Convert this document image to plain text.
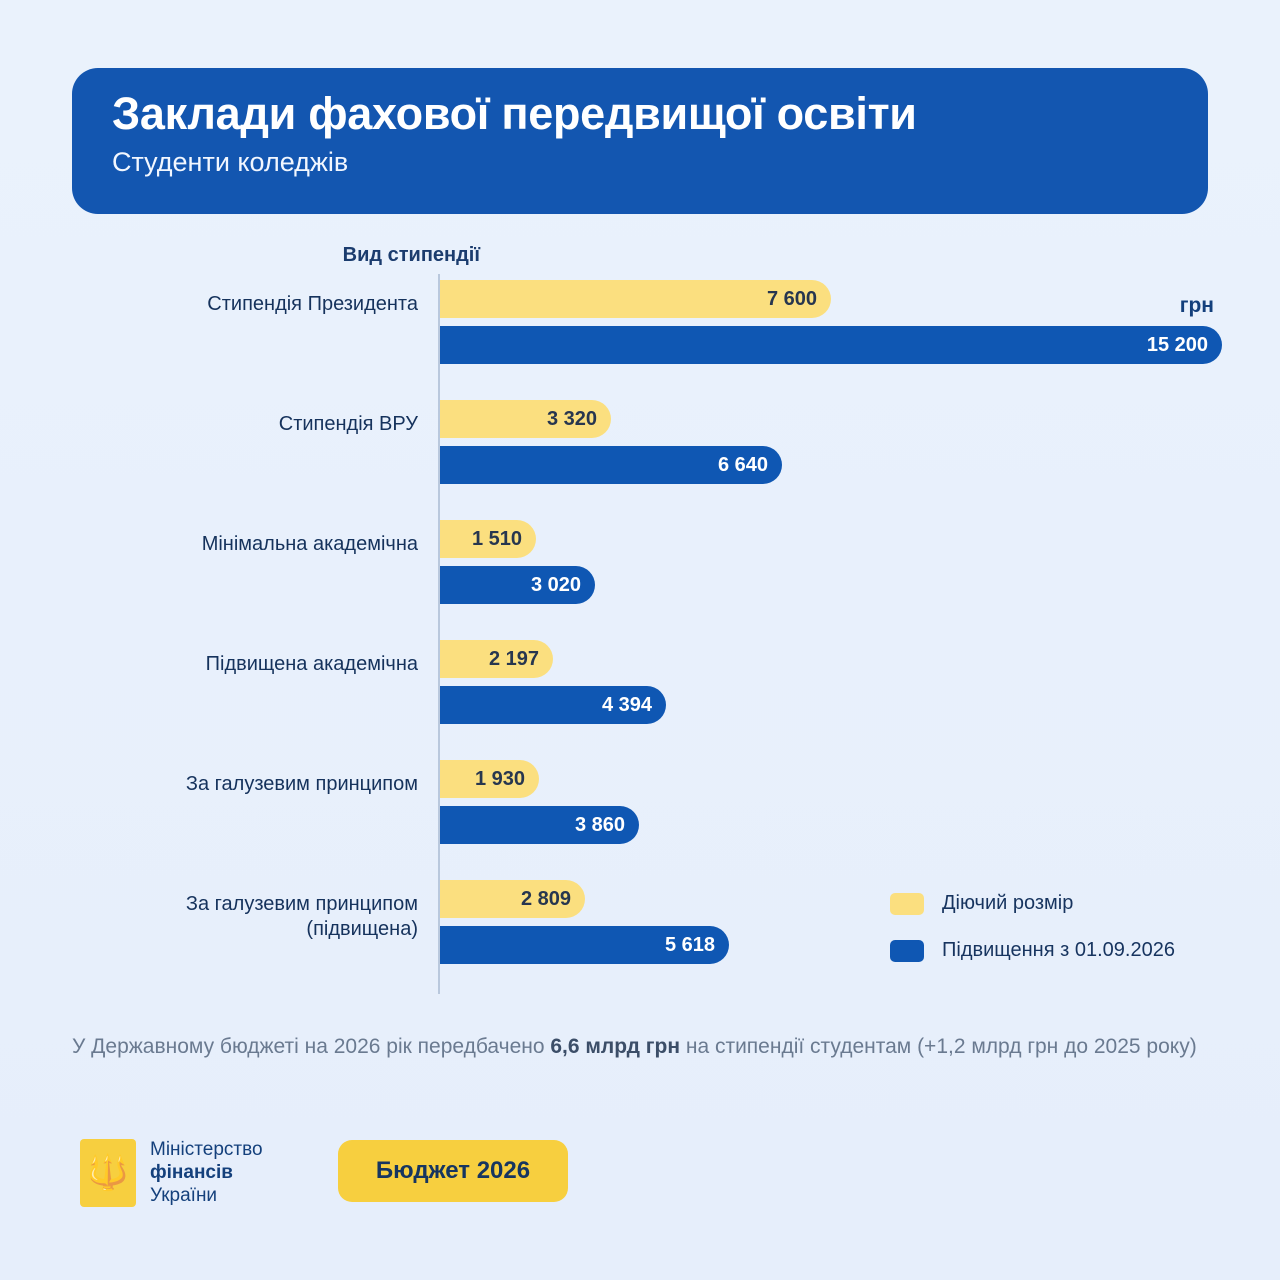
Заклади фахової передвищої освіти
Студенти коледжів
Вид стипендії
грн
Стипендія Президента	7 600
15 200
Стипендія ВРУ	3 320
6 640
Мінімальна академічна	1 510
3 020
Підвищена академічна	2 197
4 394
За галузевим принципом	1 930
3 860
За галузевим принципом
(підвищена)
2 809
5 618
Діючий розмір
Підвищення з 01.09.2026
У Державному бюджеті на 2026 рік передбачено 6,6 млрд грн на стипендії студентам (+1,2 млрд грн до 2025 року)
🔱
Міністерство
фінансів
України
Бюджет 2026
